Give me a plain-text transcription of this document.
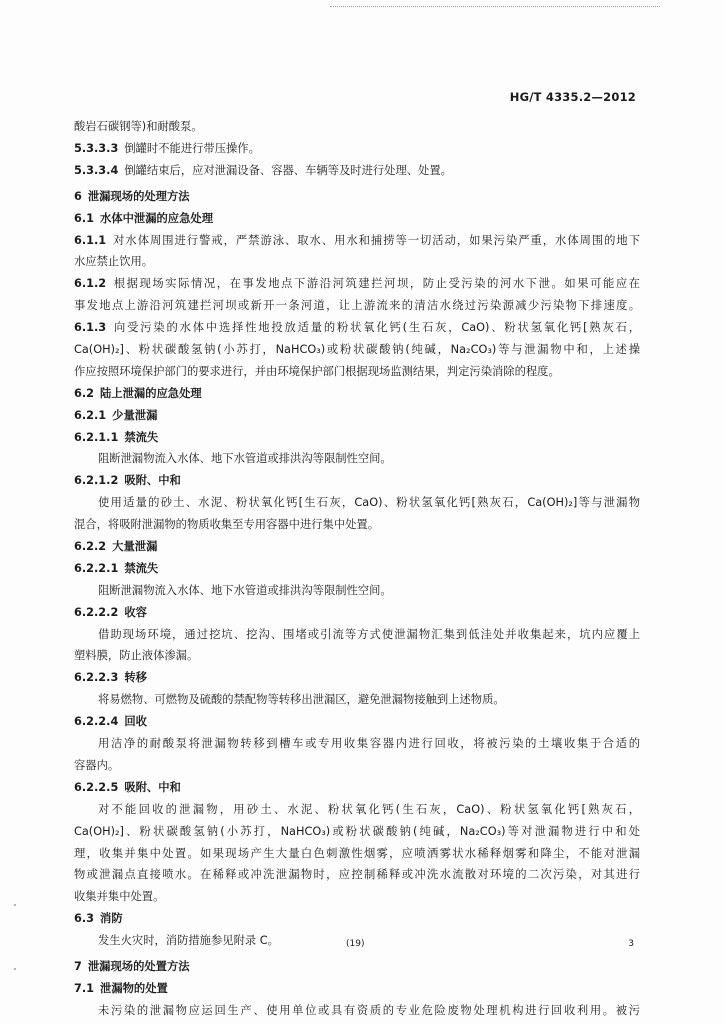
HG/T 4335.2—2012
酸岩石碳钢等)和耐酸泵。
5.3.3.3 倒罐时不能进行带压操作。
5.3.3.4 倒罐结束后，应对泄漏设备、容器、车辆等及时进行处理、处置。
6 泄漏现场的处理方法
6.1 水体中泄漏的应急处理
6.1.1 对水体周围进行警戒，严禁游泳、取水、用水和捕捞等一切活动，如果污染严重，水体周围的地下
水应禁止饮用。
6.1.2 根据现场实际情况，在事发地点下游沿河筑建拦河坝，防止受污染的河水下泄。如果可能应在
事发地点上游沿河筑建拦河坝或新开一条河道，让上游流来的清洁水绕过污染源减少污染物下排速度。
6.1.3 向受污染的水体中选择性地投放适量的粉状氧化钙(生石灰，CaO)、粉状氢氧化钙[熟灰石，
Ca(OH)₂]、粉状碳酸氢钠(小苏打，NaHCO₃)或粉状碳酸钠(纯碱，Na₂CO₃)等与泄漏物中和，上述操
作应按照环境保护部门的要求进行，并由环境保护部门根据现场监测结果，判定污染消除的程度。
6.2 陆上泄漏的应急处理
6.2.1 少量泄漏
6.2.1.1 禁流失
阻断泄漏物流入水体、地下水管道或排洪沟等限制性空间。
6.2.1.2 吸附、中和
使用适量的砂土、水泥、粉状氧化钙[生石灰，CaO)、粉状氢氧化钙[熟灰石，Ca(OH)₂]等与泄漏物
混合，将吸附泄漏物的物质收集至专用容器中进行集中处置。
6.2.2 大量泄漏
6.2.2.1 禁流失
阻断泄漏物流入水体、地下水管道或排洪沟等限制性空间。
6.2.2.2 收容
借助现场环境，通过挖坑、挖沟、围堵或引流等方式使泄漏物汇集到低洼处并收集起来，坑内应覆上
塑料膜，防止液体渗漏。
6.2.2.3 转移
将易燃物、可燃物及硫酸的禁配物等转移出泄漏区，避免泄漏物接触到上述物质。
6.2.2.4 回收
用洁净的耐酸泵将泄漏物转移到槽车或专用收集容器内进行回收，将被污染的土壤收集于合适的
容器内。
6.2.2.5 吸附、中和
对不能回收的泄漏物，用砂土、水泥、粉状氧化钙(生石灰，CaO)、粉状氢氧化钙[熟灰石，
Ca(OH)₂]、粉状碳酸氢钠(小苏打，NaHCO₃)或粉状碳酸钠(纯碱，Na₂CO₃)等对泄漏物进行中和处
理，收集并集中处置。如果现场产生大量白色刺激性烟雾，应喷洒雾状水稀释烟雾和降尘，不能对泄漏
物或泄漏点直接喷水。在稀释或冲洗泄漏物时，应控制稀释或冲洗水流散对环境的二次污染，对其进行
收集并集中处置。
6.3 消防
发生火灾时，消防措施参见附录 C。
7 泄漏现场的处置方法
7.1 泄漏物的处置
未污染的泄漏物应运回生产、使用单位或具有资质的专业危险废物处理机构进行回收利用。被污
(19)	3
